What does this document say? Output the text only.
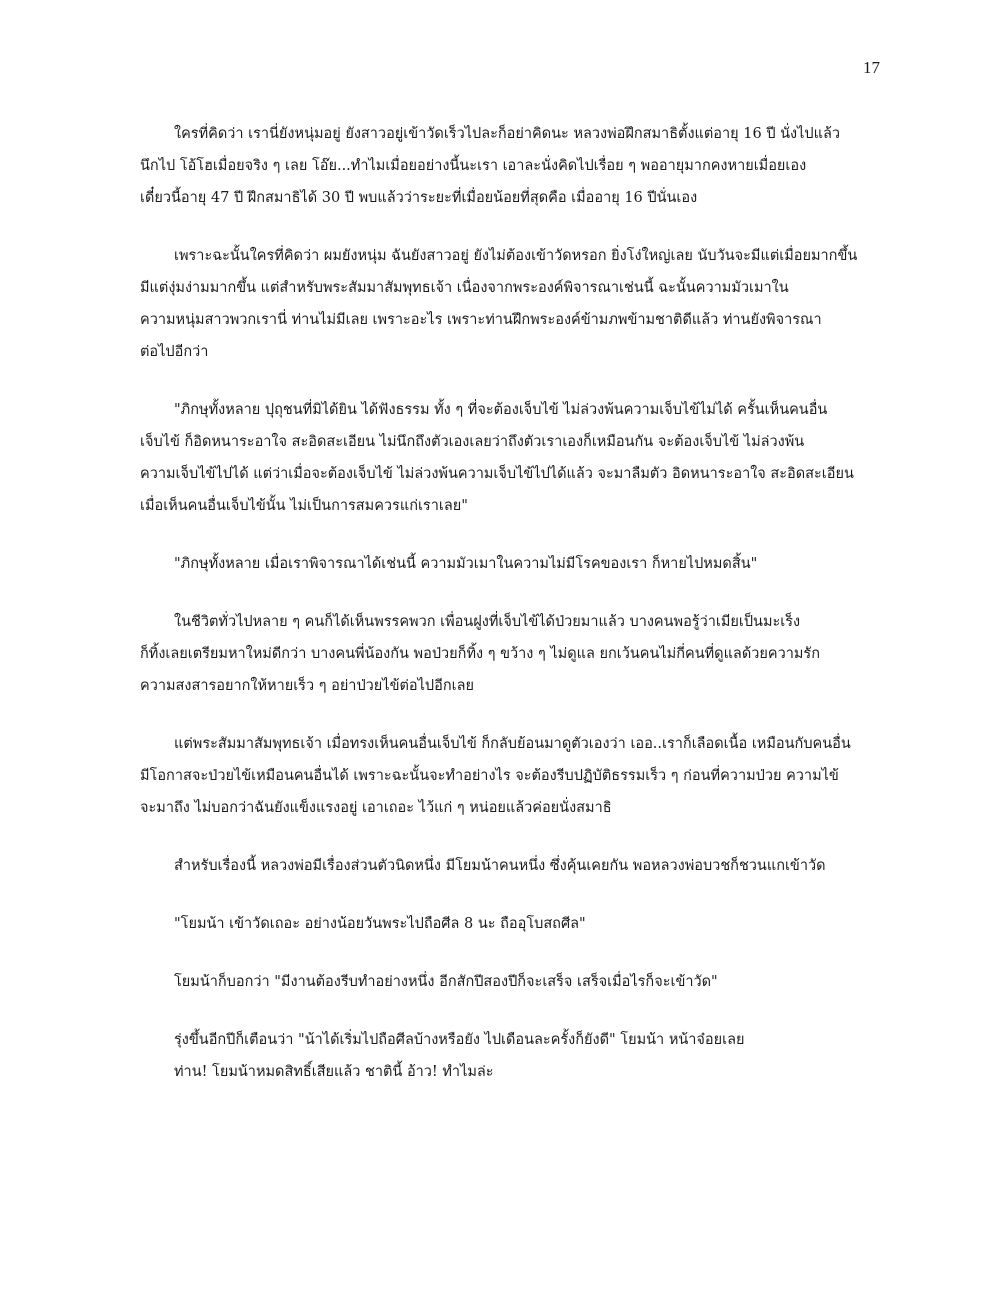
17
ใครที่คิดว่า เรานี่ยังหนุ่มอยู่ ยังสาวอยู่เข้าวัดเร็วไปละก็อย่าคิดนะ หลวงพ่อฝึกสมาธิตั้งแต่อายุ 16 ปี นั่งไปแล้ว
นึกไป โอ้โฮเมื่อยจริง ๆ เลย โอ๊ย...ทำไมเมื่อยอย่างนี้นะเรา เอาละนั่งคิดไปเรื่อย ๆ พออายุมากคงหายเมื่อยเอง
เดี๋ยวนี้อายุ 47 ปี ฝึกสมาธิได้ 30 ปี พบแล้วว่าระยะที่เมื่อยน้อยที่สุดคือ เมื่ออายุ 16 ปีนั่นเอง
เพราะฉะนั้นใครที่คิดว่า ผมยังหนุ่ม ฉันยังสาวอยู่ ยังไม่ต้องเข้าวัดหรอก ยิ่งโง่ใหญ่เลย นับวันจะมีแต่เมื่อยมากขึ้น
มีแต่งุ่มง่ามมากขึ้น แต่สำหรับพระสัมมาสัมพุทธเจ้า เนื่องจากพระองค์พิจารณาเช่นนี้ ฉะนั้นความมัวเมาใน
ความหนุ่มสาวพวกเรานี่ ท่านไม่มีเลย เพราะอะไร เพราะท่านฝึกพระองค์ข้ามภพข้ามชาติดีแล้ว ท่านยังพิจารณา
ต่อไปอีกว่า
"ภิกษุทั้งหลาย ปุถุชนที่มิได้ยิน ได้ฟังธรรม ทั้ง ๆ ที่จะต้องเจ็บไข้ ไม่ล่วงพ้นความเจ็บไข้ไม่ได้ ครั้นเห็นคนอื่น
เจ็บไข้ ก็อิดหนาระอาใจ สะอิดสะเอียน ไม่นึกถึงตัวเองเลยว่าถึงตัวเราเองก็เหมือนกัน จะต้องเจ็บไข้ ไม่ล่วงพ้น
ความเจ็บไข้ไปได้ แต่ว่าเมื่อจะต้องเจ็บไข้ ไม่ล่วงพ้นความเจ็บไข้ไปได้แล้ว จะมาลืมตัว อิดหนาระอาใจ สะอิดสะเอียน
เมื่อเห็นคนอื่นเจ็บไข้นั้น ไม่เป็นการสมควรแก่เราเลย"
"ภิกษุทั้งหลาย เมื่อเราพิจารณาได้เช่นนี้ ความมัวเมาในความไม่มีโรคของเรา ก็หายไปหมดสิ้น"
ในชีวิตทั่วไปหลาย ๆ คนก็ได้เห็นพรรคพวก เพื่อนฝูงที่เจ็บไข้ได้ป่วยมาแล้ว บางคนพอรู้ว่าเมียเป็นมะเร็ง
ก็ทิ้งเลยเตรียมหาใหม่ดีกว่า บางคนพี่น้องกัน พอป่วยก็ทิ้ง ๆ ขว้าง ๆ ไม่ดูแล ยกเว้นคนไม่กี่คนที่ดูแลด้วยความรัก
ความสงสารอยากให้หายเร็ว ๆ อย่าป่วยไข้ต่อไปอีกเลย
แต่พระสัมมาสัมพุทธเจ้า เมื่อทรงเห็นคนอื่นเจ็บไข้ ก็กลับย้อนมาดูตัวเองว่า เออ..เราก็เลือดเนื้อ เหมือนกับคนอื่น
มีโอกาสจะป่วยไข้เหมือนคนอื่นได้ เพราะฉะนั้นจะทำอย่างไร จะต้องรีบปฏิบัติธรรมเร็ว ๆ ก่อนที่ความป่วย ความไข้
จะมาถึง ไม่บอกว่าฉันยังแข็งแรงอยู่ เอาเถอะ ไว้แก่ ๆ หน่อยแล้วค่อยนั่งสมาธิ
สำหรับเรื่องนี้ หลวงพ่อมีเรื่องส่วนตัวนิดหนึ่ง มีโยมน้าคนหนึ่ง ซึ่งคุ้นเคยกัน พอหลวงพ่อบวชก็ชวนแกเข้าวัด
"โยมน้า เข้าวัดเถอะ อย่างน้อยวันพระไปถือศีล 8 นะ ถืออุโบสถศีล"
โยมน้าก็บอกว่า "มีงานต้องรีบทำอย่างหนึ่ง อีกสักปีสองปีก็จะเสร็จ เสร็จเมื่อไรก็จะเข้าวัด"
รุ่งขึ้นอีกปีก็เตือนว่า "น้าได้เริ่มไปถือศีลบ้างหรือยัง ไปเดือนละครั้งก็ยังดี" โยมน้า หน้าจ๋อยเลย
ท่าน! โยมน้าหมดสิทธิ์เสียแล้ว ชาตินี้ อ้าว! ทำไมล่ะ
